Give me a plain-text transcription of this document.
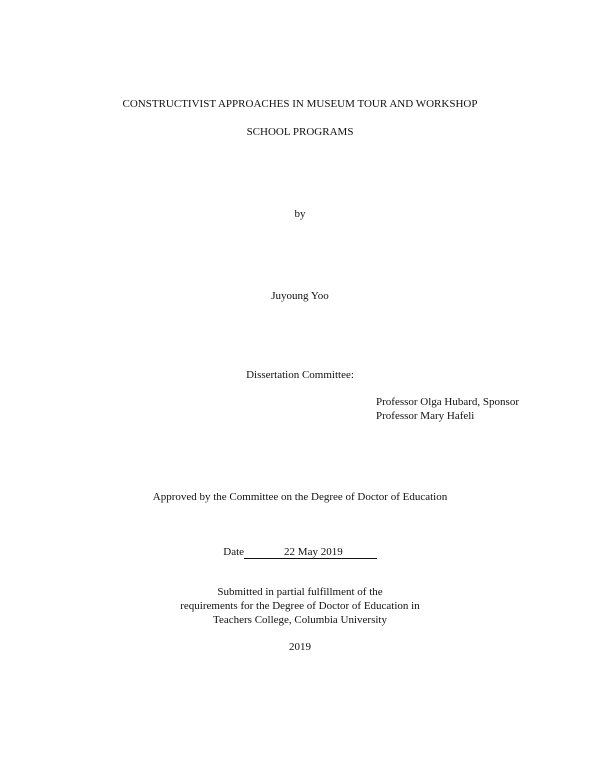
CONSTRUCTIVIST APPROACHES IN MUSEUM TOUR AND WORKSHOP
SCHOOL PROGRAMS
by
Juyoung Yoo
Dissertation Committee:
Professor Olga Hubard, Sponsor
Professor Mary Hafeli
Approved by the Committee on the Degree of Doctor of Education
Date	22 May 2019
Submitted in partial fulfillment of the
requirements for the Degree of Doctor of Education in
Teachers College, Columbia University
2019
